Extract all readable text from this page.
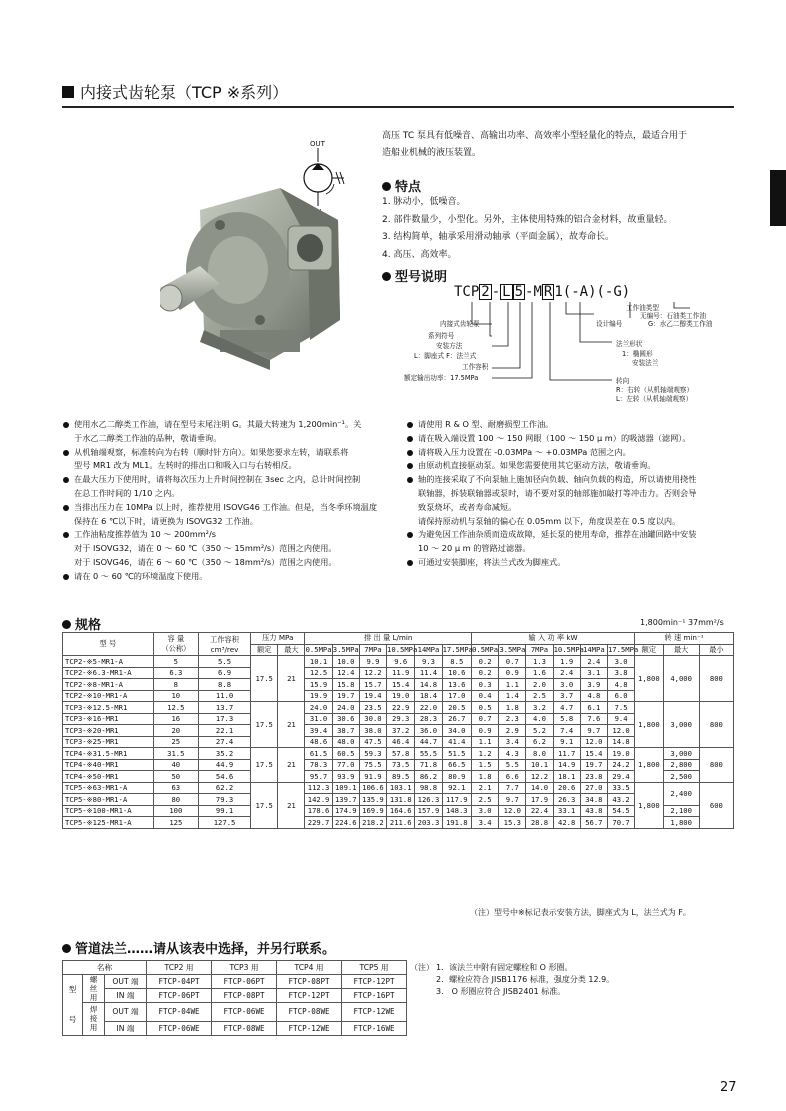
内接式齿轮泵（TCP ※系列）
OUT
高压 TC 泵具有低噪音、高输出功率、高效率小型轻量化的特点，最适合用于
造船业机械的液压装置。
特点
1. 脉动小，低噪音。
2. 部件数量少，小型化。另外，主体使用特殊的铝合金材料，故重量轻。
3. 结构简单，轴承采用滑动轴承（平面金属），故寿命长。
4. 高压、高效率。
型号说明
TCP 2 - L 5 -M R 1(-A)(-G)
工作油类型
无编号：石油类工作油
G：水乙二醇类工作油
设计编号
内接式齿轮泵
系列符号
安装方法
L：脚座式 F：法兰式
工作容积
额定输出功率：17.5MPa
法兰形状
1：椭圆形
安装法兰
转向
R：右转（从机轴端观察）
L：左转（从机轴端观察）
使用水乙二醇类工作油，请在型号末尾注明 G。其最大转速为 1,200min⁻¹。关
于水乙二醇类工作油的品种，敬请垂询。
从机轴端观察，标准转向为右转（顺时针方向）。如果您要求左转，请联系将
型号 MR1 改为 ML1。左转时的排出口和吸入口与右转相反。
在最大压力下使用时，请将每次压力上升时间控制在 3sec 之内，总计时间控制
在总工作时间的 1/10 之内。
当排出压力在 10MPa 以上时，推荐使用 ISOVG46 工作油。但是，当冬季环境温度
保持在 6 ℃以下时，请更换为 ISOVG32 工作油。
工作油粘度推荐值为 10 ～ 200mm²/s
对于 ISOVG32，请在 0 ～ 60 ℃（350 ～ 15mm²/s）范围之内使用。
对于 ISOVG46，请在 6 ～ 60 ℃（350 ～ 18mm²/s）范围之内使用。
请在 0 ～ 60 ℃的环境温度下使用。
请使用 R & O 型、耐磨损型工作油。
请在吸入端设置 100 ～ 150 网眼（100 ～ 150 μ m）的吸滤器（滤网）。
请将吸入压力设置在 -0.03MPa ～ +0.03MPa 范围之内。
由原动机直接驱动泵。如果您需要使用其它驱动方法，敬请垂询。
轴的连接采取了不向泵轴上施加径向负载、轴向负载的构造，所以请使用挠性
联轴器，拆装联轴器或泵时，请不要对泵的轴部施加敲打等冲击力。否则会导
致泵烧坏，或者寿命减短。
请保持原动机与泵轴的偏心在 0.05mm 以下，角度误差在 0.5 度以内。
为避免因工作油杂质而造成故障，延长泵的使用寿命，推荐在油罐回路中安装
10 ～ 20 μ m 的管路过滤器。
可通过安装脚座，将法兰式改为脚座式。
规格	1,800min⁻¹ 37mm²/s
型 号	容 量
（公称）	工作容积
cm³/rev	压力 MPa		排 出 量 L/min						输 入 功 率 kW						转 速 min⁻¹		
			额定	最大	0.5MPa	3.5MPa	7MPa	10.5MPa	14MPa	17.5MPa	0.5MPa	3.5MPa	7MPa	10.5MPa	14MPa	17.5MPa	额定	最大	最小
TCP2-※5-MR1-A	5	5.5	17.5	21	10.1	10.0	9.9	9.6	9.3	8.5	0.2	0.7	1.3	1.9	2.4	3.0	1,800	4,000	800
TCP2-※6.3-MR1-A	6.3	6.9			12.5	12.4	12.2	11.9	11.4	10.6	0.2	0.9	1.6	2.4	3.1	3.8			
TCP2-※8-MR1-A	8	8.8			15.9	15.8	15.7	15.4	14.8	13.6	0.3	1.1	2.0	3.0	3.9	4.8			
TCP2-※10-MR1-A	10	11.0			19.9	19.7	19.4	19.0	18.4	17.0	0.4	1.4	2.5	3.7	4.8	6.0			
TCP3-※12.5-MR1	12.5	13.7	17.5	21	24.0	24.0	23.5	22.9	22.0	20.5	0.5	1.8	3.2	4.7	6.1	7.5	1,800	3,000	800
TCP3-※16-MR1	16	17.3			31.0	30.6	30.0	29.3	28.3	26.7	0.7	2.3	4.0	5.8	7.6	9.4			
TCP3-※20-MR1	20	22.1			39.4	38.7	38.0	37.2	36.0	34.0	0.9	2.9	5.2	7.4	9.7	12.0			
TCP3-※25-MR1	25	27.4			48.6	48.0	47.5	46.4	44.7	41.4	1.1	3.4	6.2	9.1	12.0	14.8			
TCP4-※31.5-MR1	31.5	35.2	17.5	21	61.5	60.5	59.3	57.8	55.5	51.5	1.2	4.3	8.0	11.7	15.4	19.0	1,800	3,000	800
TCP4-※40-MR1	40	44.9			78.3	77.0	75.5	73.5	71.8	66.5	1.5	5.5	10.1	14.9	19.7	24.2		2,800	
TCP4-※50-MR1	50	54.6			95.7	93.9	91.9	89.5	86.2	80.9	1.8	6.6	12.2	18.1	23.8	29.4		2,500	
TCP5-※63-MR1-A	63	62.2	17.5	21	112.3	109.1	106.6	103.1	98.8	92.1	2.1	7.7	14.0	20.6	27.0	33.5	1,800	2,400	600
TCP5-※80-MR1-A	80	79.3			142.9	139.7	135.9	131.8	126.3	117.9	2.5	9.7	17.9	26.3	34.8	43.2			
TCP5-※100-MR1-A	100	99.1			178.6	174.9	169.9	164.6	157.9	148.3	3.0	12.0	22.4	33.1	43.8	54.5		2,100	
TCP5-※125-MR1-A	125	127.5			229.7	224.6	218.2	211.6	203.3	191.8	3.4	15.3	28.8	42.8	56.7	70.7		1,800	
（注）型号中※标记表示安装方法，脚座式为 L，法兰式为 F。
管道法兰……请从该表中选择，并另行联系。
名称			TCP2 用	TCP3 用	TCP4 用	TCP5 用
型
号	螺
丝
用	OUT 端	FTCP-04PT	FTCP-06PT	FTCP-08PT	FTCP-12PT
		IN 端	FTCP-06PT	FTCP-08PT	FTCP-12PT	FTCP-16PT
	焊
接
用	OUT 端	FTCP-04WE	FTCP-06WE	FTCP-08WE	FTCP-12WE
		IN 端	FTCP-06WE	FTCP-08WE	FTCP-12WE	FTCP-16WE
（注） 1．该法兰中附有固定螺栓和 O 形圈。
2．螺栓应符合 JISB1176 标准，强度分类 12.9。
3． O 形圈应符合 JISB2401 标准。
27
